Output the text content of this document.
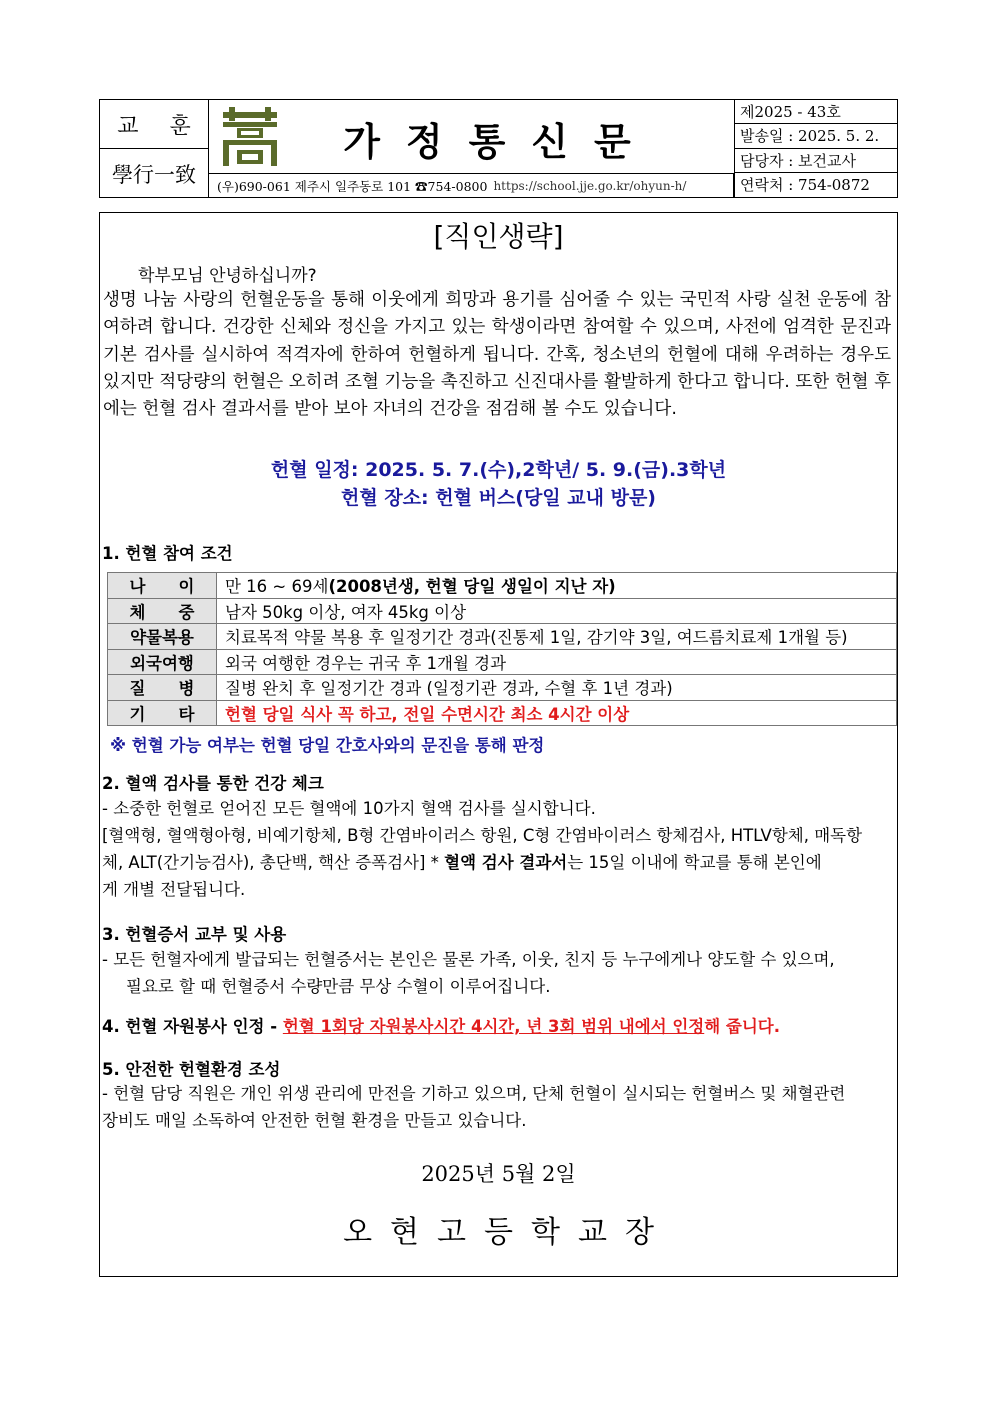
교 훈
學行一致
가정통신문
(우)690-061 제주시 일주동로 101 ☎754-0800 https://school.jje.go.kr/ohyun-h/
제2025 - 43호
발송일 : 2025. 5. 2.
담당자 : 보건교사
연락처 : 754-0872
[직인생략]
학부모님 안녕하십니까?
생명 나눔 사랑의 헌혈운동을 통해 이웃에게 희망과 용기를 심어줄 수 있는 국민적 사랑 실천 운동에 참여하려 합니다. 건강한 신체와 정신을 가지고 있는 학생이라면 참여할 수 있으며, 사전에 엄격한 문진과 기본 검사를 실시하여 적격자에 한하여 헌혈하게 됩니다. 간혹, 청소년의 헌혈에 대해 우려하는 경우도 있지만 적당량의 헌혈은 오히려 조혈 기능을 촉진하고 신진대사를 활발하게 한다고 합니다. 또한 헌혈 후에는 헌혈 검사 결과서를 받아 보아 자녀의 건강을 점검해 볼 수도 있습니다.
헌혈 일정: 2025. 5. 7.(수),2학년/ 5. 9.(금).3학년
헌혈 장소: 헌혈 버스(당일 교내 방문)
1. 헌혈 참여 조건
나　　이	만 16 ~ 69세(2008년생, 헌혈 당일 생일이 지난 자)
체　　중	남자 50kg 이상, 여자 45kg 이상
약물복용	치료목적 약물 복용 후 일정기간 경과(진통제 1일, 감기약 3일, 여드름치료제 1개월 등)
외국여행	외국 여행한 경우는 귀국 후 1개월 경과
질　　병	질병 완치 후 일정기간 경과 (일정기관 경과, 수혈 후 1년 경과)
기　　타	헌혈 당일 식사 꼭 하고, 전일 수면시간 최소 4시간 이상
※ 헌혈 가능 여부는 헌혈 당일 간호사와의 문진을 통해 판정
2. 혈액 검사를 통한 건강 체크
- 소중한 헌혈로 얻어진 모든 혈액에 10가지 혈액 검사를 실시합니다.
[혈액형, 혈액형아형, 비예기항체, B형 간염바이러스 항원, C형 간염바이러스 항체검사, HTLV항체, 매독항
체, ALT(간기능검사), 총단백, 핵산 증폭검사] * 혈액 검사 결과서는 15일 이내에 학교를 통해 본인에
게 개별 전달됩니다.
3. 헌혈증서 교부 및 사용
- 모든 헌혈자에게 발급되는 헌혈증서는 본인은 물론 가족, 이웃, 친지 등 누구에게나 양도할 수 있으며,
필요로 할 때 헌혈증서 수량만큼 무상 수혈이 이루어집니다.
4. 헌혈 자원봉사 인정 - 헌혈 1회당 자원봉사시간 4시간, 년 3회 범위 내에서 인정해 줍니다.
5. 안전한 헌혈환경 조성
- 헌혈 담당 직원은 개인 위생 관리에 만전을 기하고 있으며, 단체 헌혈이 실시되는 헌혈버스 및 채혈관련
장비도 매일 소독하여 안전한 헌혈 환경을 만들고 있습니다.
2025년 5월 2일
오현고등학교장
